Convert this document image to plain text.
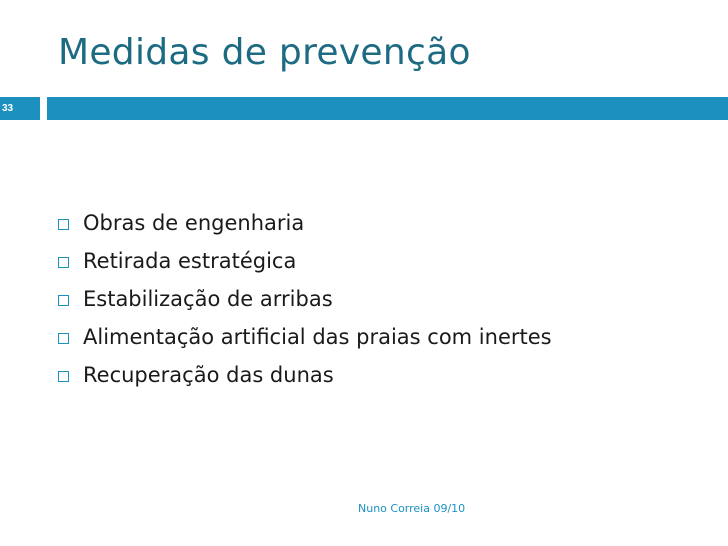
Medidas de prevenção
33
Obras de engenharia
Retirada estratégica
Estabilização de arribas
Alimentação artificial das praias com inertes
Recuperação das dunas
Nuno Correia 09/10
